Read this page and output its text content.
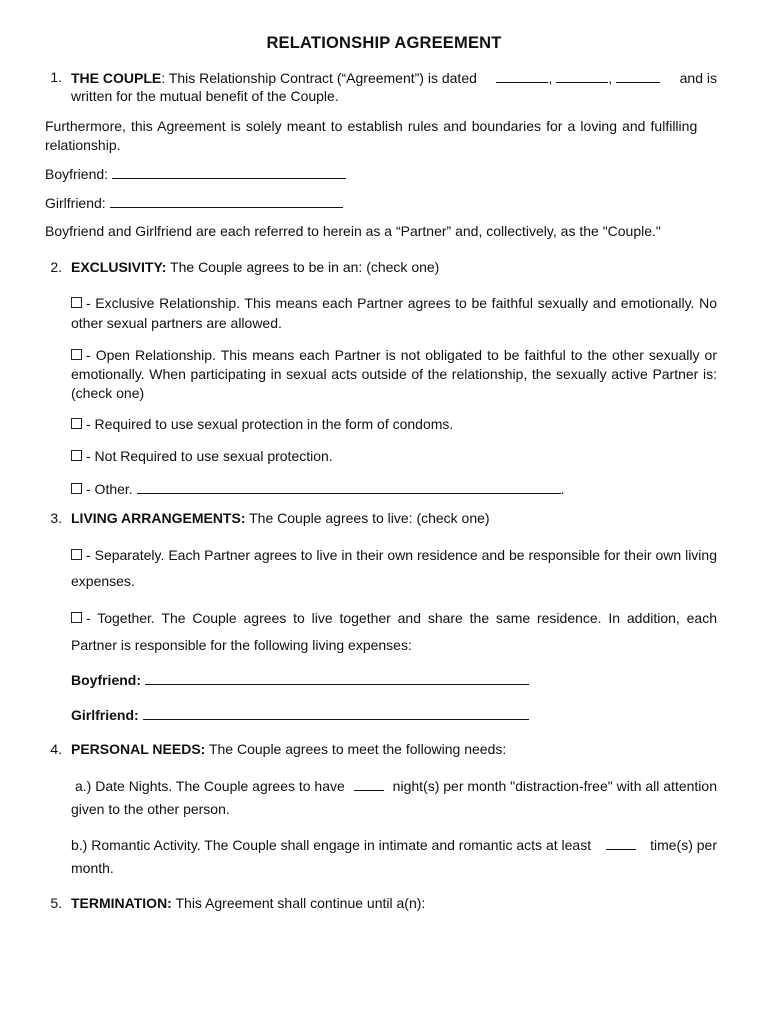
RELATIONSHIP AGREEMENT
1. THE COUPLE : This Relationship Contract (“Agreement”) is dated	,	,	and is
written for the mutual benefit of the Couple.
Furthermore, this Agreement is solely meant to establish rules and boundaries for a loving and fulfilling
relationship.
Boyfriend:
Girlfriend:
Boyfriend and Girlfriend are each referred to herein as a “Partner” and, collectively, as the "Couple."
2. EXCLUSIVITY: The Couple agrees to be in an: (check one)
- Exclusive Relationship. This means each Partner agrees to be faithful sexually and emotionally. No
other sexual partners are allowed.
- Open Relationship. This means each Partner is not obligated to be faithful to the other sexually or
emotionally. When participating in sexual acts outside of the relationship, the sexually active Partner is:
(check one)
- Required to use sexual protection in the form of condoms.
- Not Required to use sexual protection.
- Other.	.
3. LIVING ARRANGEMENTS: The Couple agrees to live: (check one)
- Separately. Each Partner agrees to live in their own residence and be responsible for their own living
expenses.
- Together. The Couple agrees to live together and share the same residence. In addition, each
Partner is responsible for the following living expenses:
Boyfriend:
Girlfriend:
4. PERSONAL NEEDS: The Couple agrees to meet the following needs:
a.) Date Nights. The Couple agrees to have	night(s) per month "distraction-free" with all attention
given to the other person.
b.) Romantic Activity. The Couple shall engage in intimate and romantic acts at least	time(s) per
month.
5. TERMINATION: This Agreement shall continue until a(n):
